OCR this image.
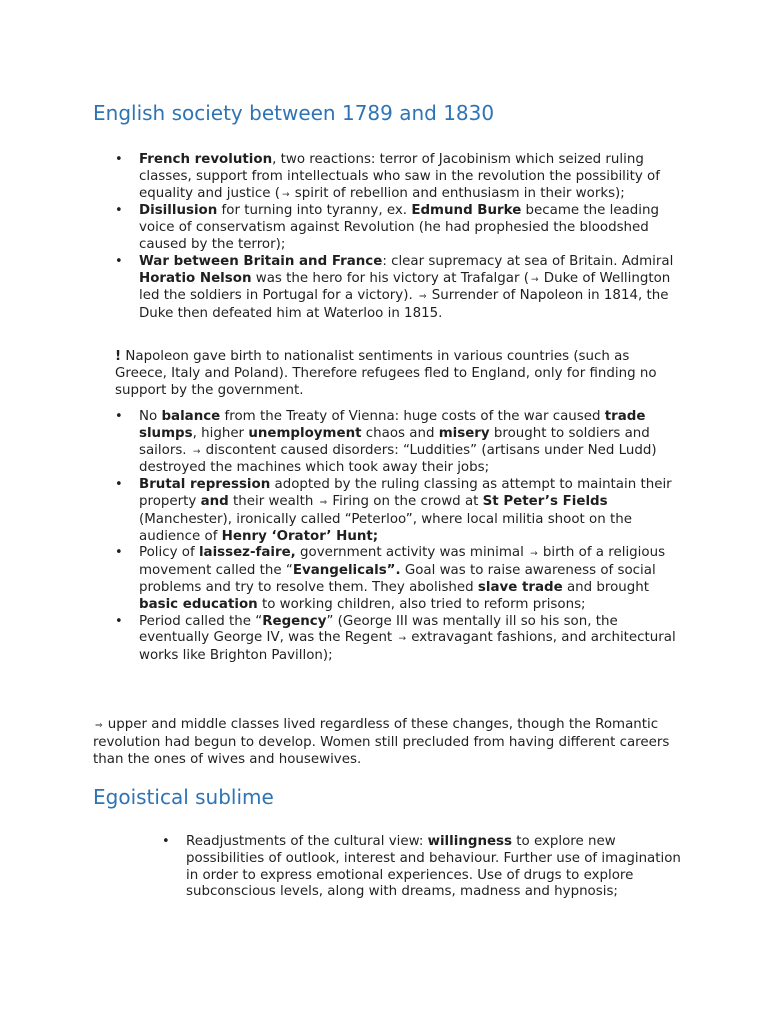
English society between 1789 and 1830
•	French revolution, two reactions: terror of Jacobinism which seized ruling classes, support from intellectuals who saw in the revolution the possibility of equality and justice ( → spirit of rebellion and enthusiasm in their works);
•	Disillusion for turning into tyranny, ex. Edmund Burke became the leading voice of conservatism against Revolution (he had prophesied the bloodshed caused by the terror);
•	War between Britain and France: clear supremacy at sea of Britain. Admiral Horatio Nelson was the hero for his victory at Trafalgar ( → Duke of Wellington led the soldiers in Portugal for a victory). ⇒ Surrender of Napoleon in 1814, the Duke then defeated him at Waterloo in 1815.

! Napoleon gave birth to nationalist sentiments in various countries (such as Greece, Italy and Poland). Therefore refugees fled to England, only for finding no support by the government.

•	No balance from the Treaty of Vienna: huge costs of the war caused trade slumps, higher unemployment chaos and misery brought to soldiers and sailors. → discontent caused disorders: “Luddities” (artisans under Ned Ludd) destroyed the machines which took away their jobs;
•	Brutal repression adopted by the ruling classing as attempt to maintain their property and their wealth ⇒ Firing on the crowd at St Peter’s Fields (Manchester), ironically called “Peterloo”, where local militia shoot on the audience of Henry ‘Orator’ Hunt;
•	Policy of laissez-faire, government activity was minimal → birth of a religious movement called the “Evangelicals”. Goal was to raise awareness of social problems and try to resolve them. They abolished slave trade and brought basic education to working children, also tried to reform prisons;
•	Period called the “Regency” (George III was mentally ill so his son, the eventually George IV, was the Regent → extravagant fashions, and architectural works like Brighton Pavillon);

⇒ upper and middle classes lived regardless of these changes, though the Romantic revolution had begun to develop. Women still precluded from having different careers than the ones of wives and housewives.

Egoistical sublime
•	Readjustments of the cultural view: willingness to explore new possibilities of outlook, interest and behaviour. Further use of imagination in order to express emotional experiences. Use of drugs to explore subconscious levels, along with dreams, madness and hypnosis;
